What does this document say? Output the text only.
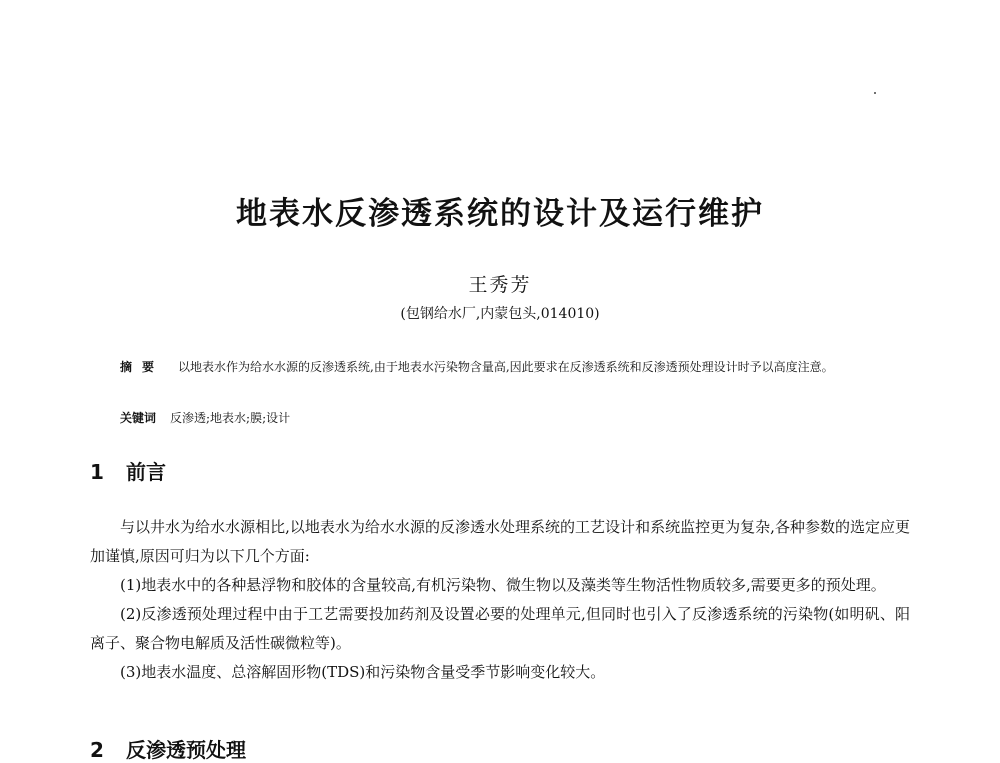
地表水反渗透系统的设计及运行维护
王秀芳
(包钢给水厂,内蒙包头,014010)
摘要 以地表水作为给水水源的反渗透系统,由于地表水污染物含量高,因此要求在反渗透系统和反渗透预处理设计时予以高度注意。
关键词 反渗透;地表水;膜;设计
1 前言

与以井水为给水水源相比,以地表水为给水水源的反渗透水处理系统的工艺设计和系统监控更为复杂,各种参数的选定应更加谨慎,原因可归为以下几个方面:

(1)地表水中的各种悬浮物和胶体的含量较高,有机污染物、微生物以及藻类等生物活性物质较多,需要更多的预处理。

(2)反渗透预处理过程中由于工艺需要投加药剂及设置必要的处理单元,但同时也引入了反渗透系统的污染物(如明矾、阳离子、聚合物电解质及活性碳微粒等)。

(3)地表水温度、总溶解固形物(TDS)和污染物含量受季节影响变化较大。

2 反渗透预处理
